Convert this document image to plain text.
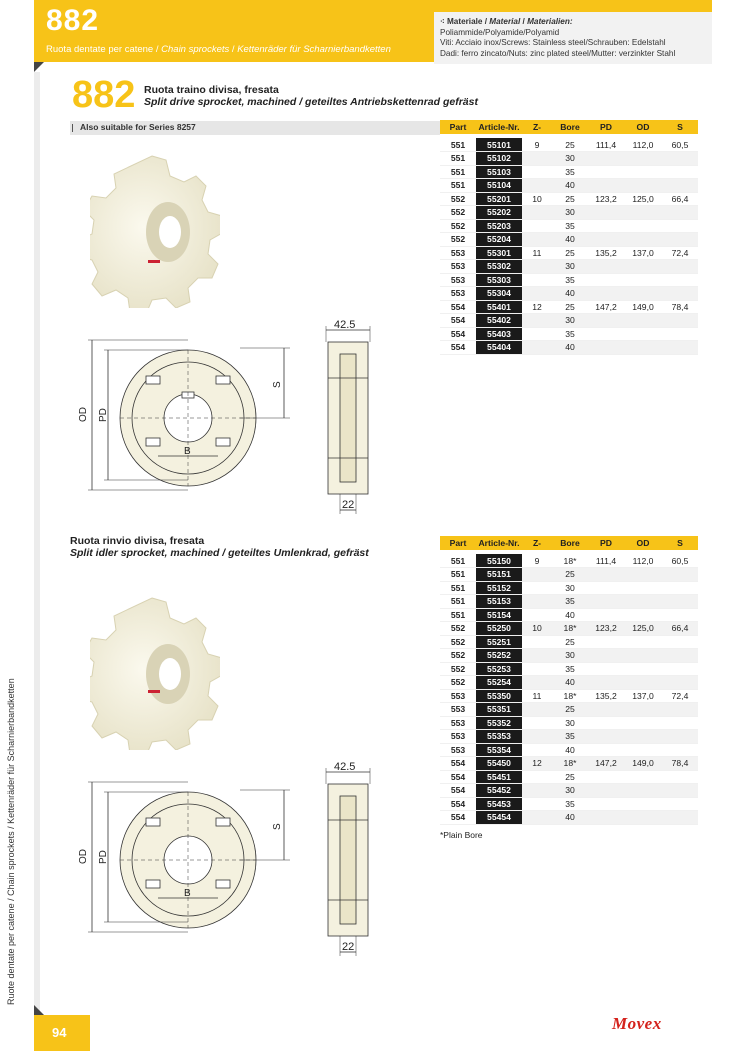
882
Ruota dentate per catene / Chain sprockets / Kettenräder für Scharnierbandketten
⁖ Materiale / Material / Materialien:
Poliammide/Polyamide/Polyamid
Viti: Acciaio inox/Screws: Stainless steel/Schrauben: Edelstahl
Dadi: ferro zincato/Nuts: zinc plated steel/Mutter: verzinkter Stahl
Ruote dentate per catene / Chain sprockets / Kettenräder für Scharnierbandketten
882 Ruota traino divisa, fresata
Split drive sprocket, machined / geteiltes Antriebskettenrad gefräst
Also suitable for Series 8257	Part	Article-Nr.	Z-	Bore	PD	OD	S

551	55101	9	25	111,4	112,0	60,5
551	55102		30			
551	55103		35			
551	55104		40			
552	55201	10	25	123,2	125,0	66,4
552	55202		30			
552	55203		35			
552	55204		40			
553	55301	11	25	135,2	137,0	72,4
553	55302		30			
553	55303		35			
553	55304		40			
554	55401	12	25	147,2	149,0	78,4
554	55402		30			
554	55403		35			
554	55404		40			
42.5
22
OD PD
S
B
Ruota rinvio divisa, fresata
Split idler sprocket, machined / geteiltes Umlenkrad, gefräst
Part	Article-Nr.	Z-	Bore	PD	OD	S

551	55150	9	18*	111,4	112,0	60,5
551	55151		25			
551	55152		30			
551	55153		35			
551	55154		40			
552	55250	10	18*	123,2	125,0	66,4
552	55251		25			
552	55252		30			
552	55253		35			
552	55254		40			
553	55350	11	18*	135,2	137,0	72,4
553	55351		25			
553	55352		30			
553	55353		35			
553	55354		40			
554	55450	12	18*	147,2	149,0	78,4
554	55451		25			
554	55452		30			
554	55453		35			
554	55454		40			
*Plain Bore
42.5
22
OD PD
S
B
94	Movex
